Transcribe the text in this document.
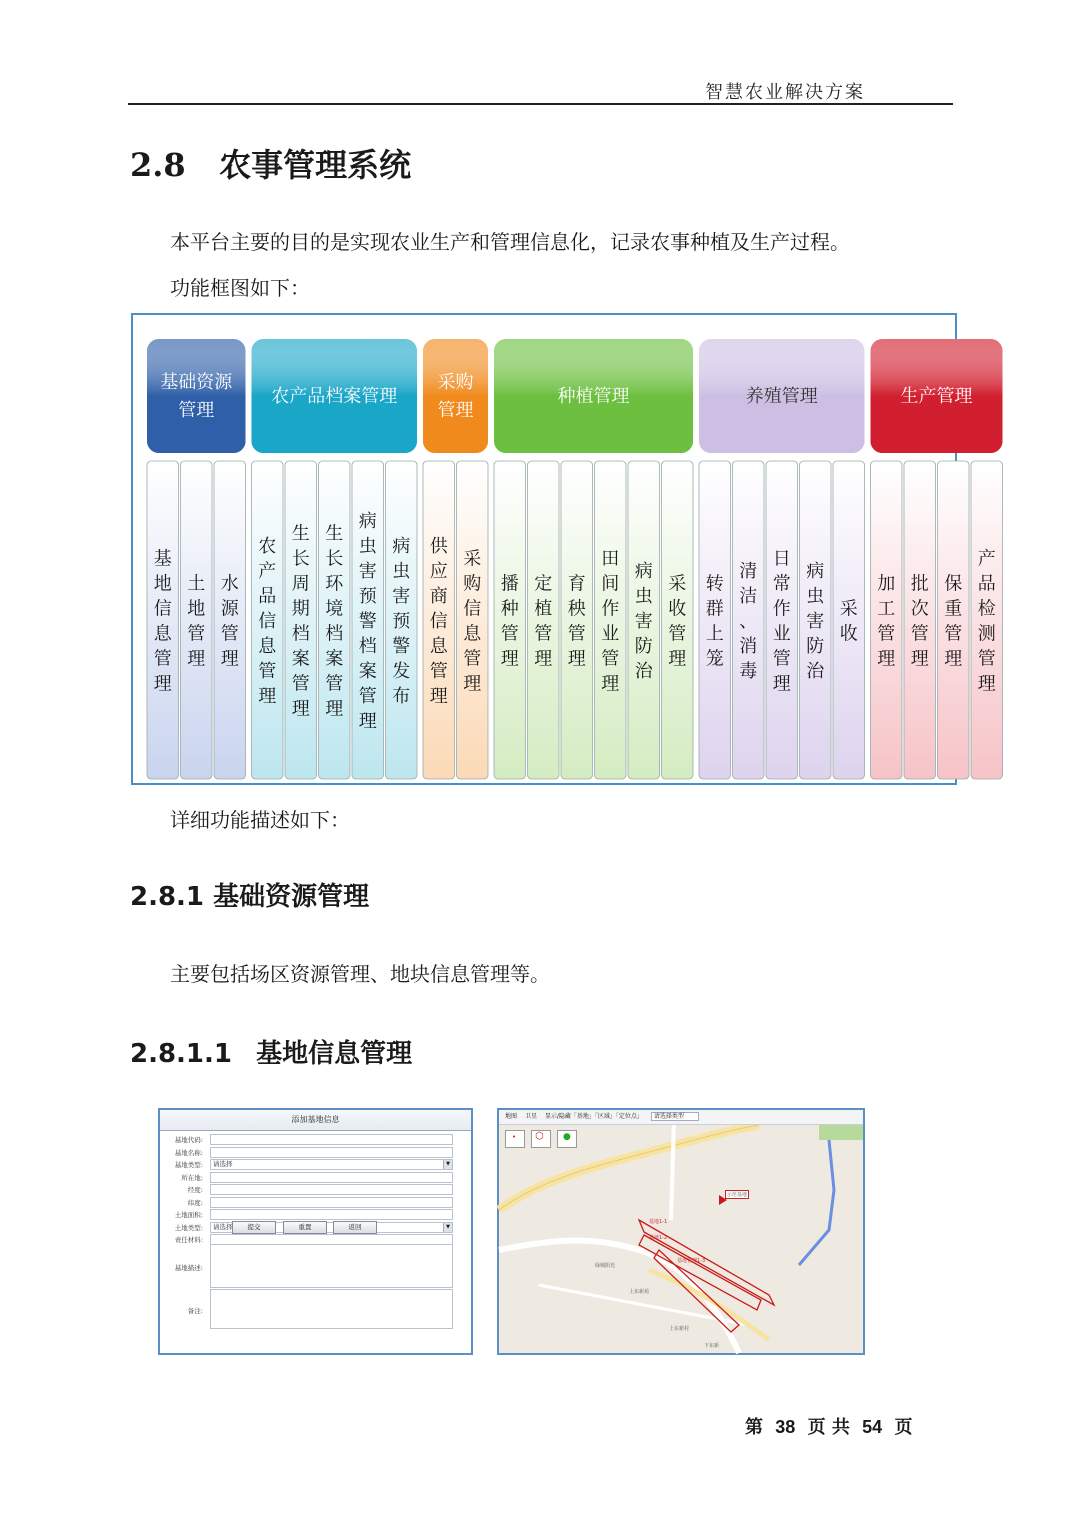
智慧农业解决方案
2.8 农事管理系统
本平台主要的目的是实现农业生产和管理信息化，记录农事种植及生产过程。
功能框图如下：
基础资源
管理
基地信息管理
土地管理
水源管理
农产品档案管理
农产品信息管理
生长周期档案管理
生长环境档案管理
病虫害预警档案管理
病虫害预警发布
采购
管理
供应商信息管理
采购信息管理
种植管理
播种管理
定植管理
育秧管理
田间作业管理
病虫害防治
采收管理
养殖管理
转群上笼
清洁、消毒
日常作业管理
病虫害防治
采收
生产管理
加工管理
批次管理
保重管理
产品检测管理
详细功能描述如下：
2.8.1 基础资源管理
主要包括场区资源管理、地块信息管理等。
2.8.1.1 基地信息管理
添加基地信息
基地代码:
基地名称:
基地类型:	请选择	▼
所在地:
经度:
纬度:
土地面积:
土地类型:	请选择	▼
责任材料:
基地描述:
备注:
提交	重置	返回
地图 卫星 显示/隐藏「基地」「区域」「定位点」 请选择类型
• ⬡ ●
示范基地
基地1-1
基地1-2
基地管理1-3
绿城阳光
上东新苑
上东新村
下东新
第 38 页 共 54 页
